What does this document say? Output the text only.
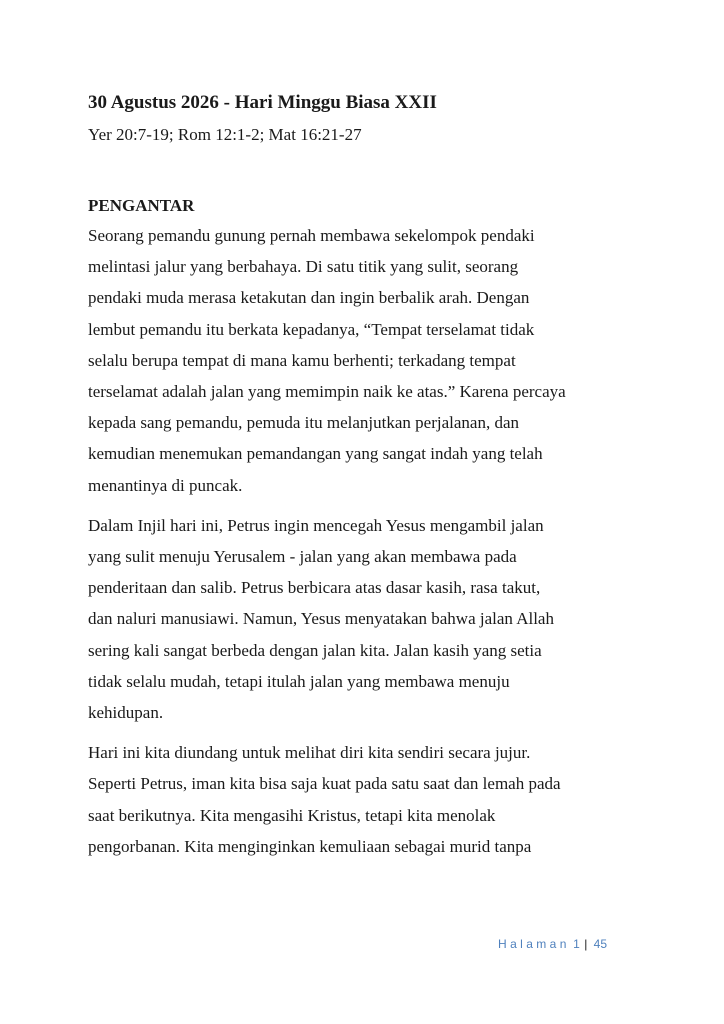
30 Agustus 2026 - Hari Minggu Biasa XXII

Yer 20:7-19; Rom 12:1-2; Mat 16:21-27

PENGANTAR

Seorang pemandu gunung pernah membawa sekelompok pendaki
melintasi jalur yang berbahaya. Di satu titik yang sulit, seorang
pendaki muda merasa ketakutan dan ingin berbalik arah. Dengan
lembut pemandu itu berkata kepadanya, “Tempat terselamat tidak
selalu berupa tempat di mana kamu berhenti; terkadang tempat
terselamat adalah jalan yang memimpin naik ke atas.” Karena percaya
kepada sang pemandu, pemuda itu melanjutkan perjalanan, dan
kemudian menemukan pemandangan yang sangat indah yang telah
menantinya di puncak.

Dalam Injil hari ini, Petrus ingin mencegah Yesus mengambil jalan
yang sulit menuju Yerusalem - jalan yang akan membawa pada
penderitaan dan salib. Petrus berbicara atas dasar kasih, rasa takut,
dan naluri manusiawi. Namun, Yesus menyatakan bahwa jalan Allah
sering kali sangat berbeda dengan jalan kita. Jalan kasih yang setia
tidak selalu mudah, tetapi itulah jalan yang membawa menuju
kehidupan.

Hari ini kita diundang untuk melihat diri kita sendiri secara jujur.
Seperti Petrus, iman kita bisa saja kuat pada satu saat dan lemah pada
saat berikutnya. Kita mengasihi Kristus, tetapi kita menolak
pengorbanan. Kita menginginkan kemuliaan sebagai murid tanpa

Halaman 1 | 45
